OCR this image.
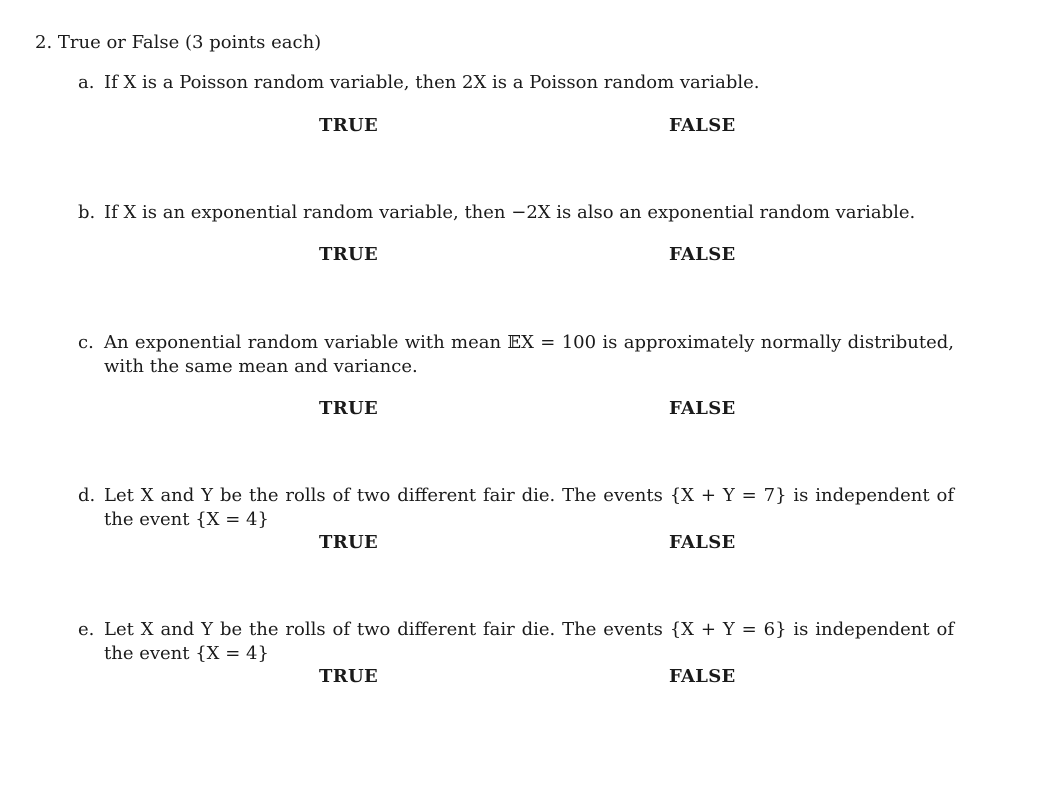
2. True or False (3 points each)
a. If X is a Poisson random variable, then 2X is a Poisson random variable.
TRUE	FALSE
b. If X is an exponential random variable, then −2X is also an exponential random variable.
TRUE	FALSE
c. An exponential random variable with mean 𝔼X = 100 is approximately normally distributed, with the same mean and variance.
TRUE	FALSE
d. Let X and Y be the rolls of two different fair die. The events {X + Y = 7} is independent of the event {X = 4}
TRUE	FALSE
e. Let X and Y be the rolls of two different fair die. The events {X + Y = 6} is independent of the event {X = 4}
TRUE	FALSE
